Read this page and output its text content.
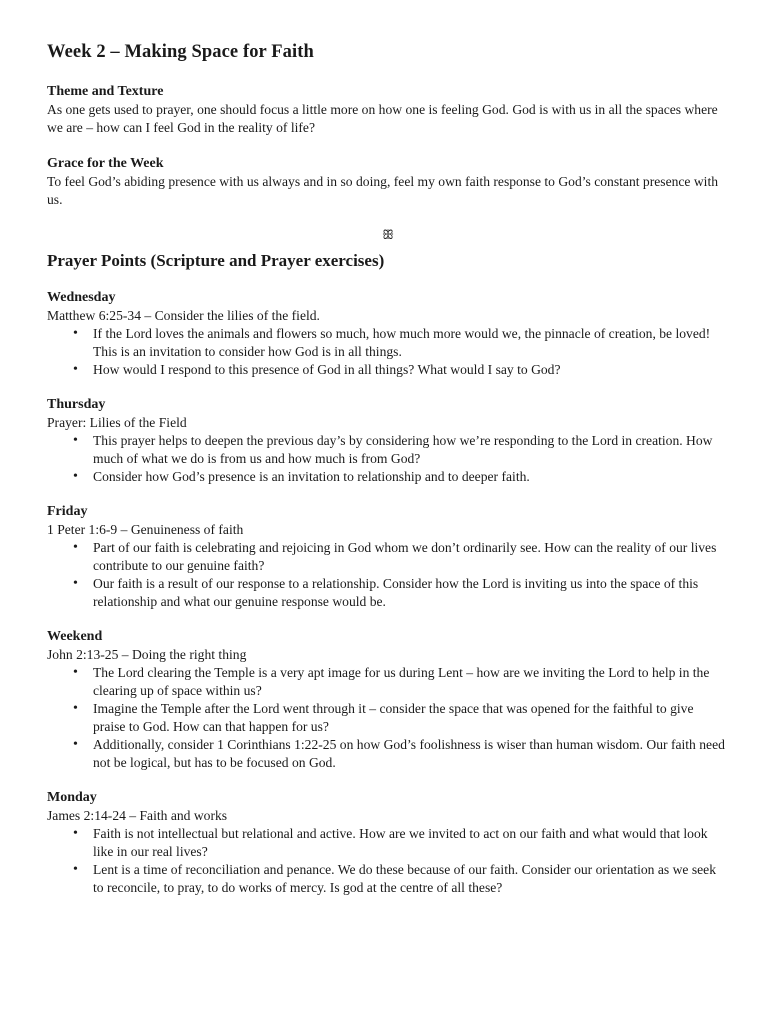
Week 2 – Making Space for Faith

Theme and Texture

As one gets used to prayer, one should focus a little more on how one is feeling God. God is with us in all the spaces where we are – how can I feel God in the reality of life?

Grace for the Week

To feel God’s abiding presence with us always and in so doing, feel my own faith response to God’s constant presence with us.

ꕥ
Prayer Points (Scripture and Prayer exercises)

Wednesday

Matthew 6:25-34 – Consider the lilies of the field.

• If the Lord loves the animals and flowers so much, how much more would we, the pinnacle of creation, be loved! This is an invitation to consider how God is in all things.
• How would I respond to this presence of God in all things? What would I say to God?

Thursday

Prayer: Lilies of the Field

• This prayer helps to deepen the previous day’s by considering how we’re responding to the Lord in creation. How much of what we do is from us and how much is from God?
• Consider how God’s presence is an invitation to relationship and to deeper faith.

Friday

1 Peter 1:6-9 – Genuineness of faith

• Part of our faith is celebrating and rejoicing in God whom we don’t ordinarily see. How can the reality of our lives contribute to our genuine faith?
• Our faith is a result of our response to a relationship. Consider how the Lord is inviting us into the space of this relationship and what our genuine response would be.

Weekend

John 2:13-25 – Doing the right thing

• The Lord clearing the Temple is a very apt image for us during Lent – how are we inviting the Lord to help in the clearing up of space within us?
• Imagine the Temple after the Lord went through it – consider the space that was opened for the faithful to give praise to God. How can that happen for us?
• Additionally, consider 1 Corinthians 1:22-25 on how God’s foolishness is wiser than human wisdom. Our faith need not be logical, but has to be focused on God.

Monday

James 2:14-24 – Faith and works

• Faith is not intellectual but relational and active. How are we invited to act on our faith and what would that look like in our real lives?
• Lent is a time of reconciliation and penance. We do these because of our faith. Consider our orientation as we seek to reconcile, to pray, to do works of mercy. Is god at the centre of all these?
